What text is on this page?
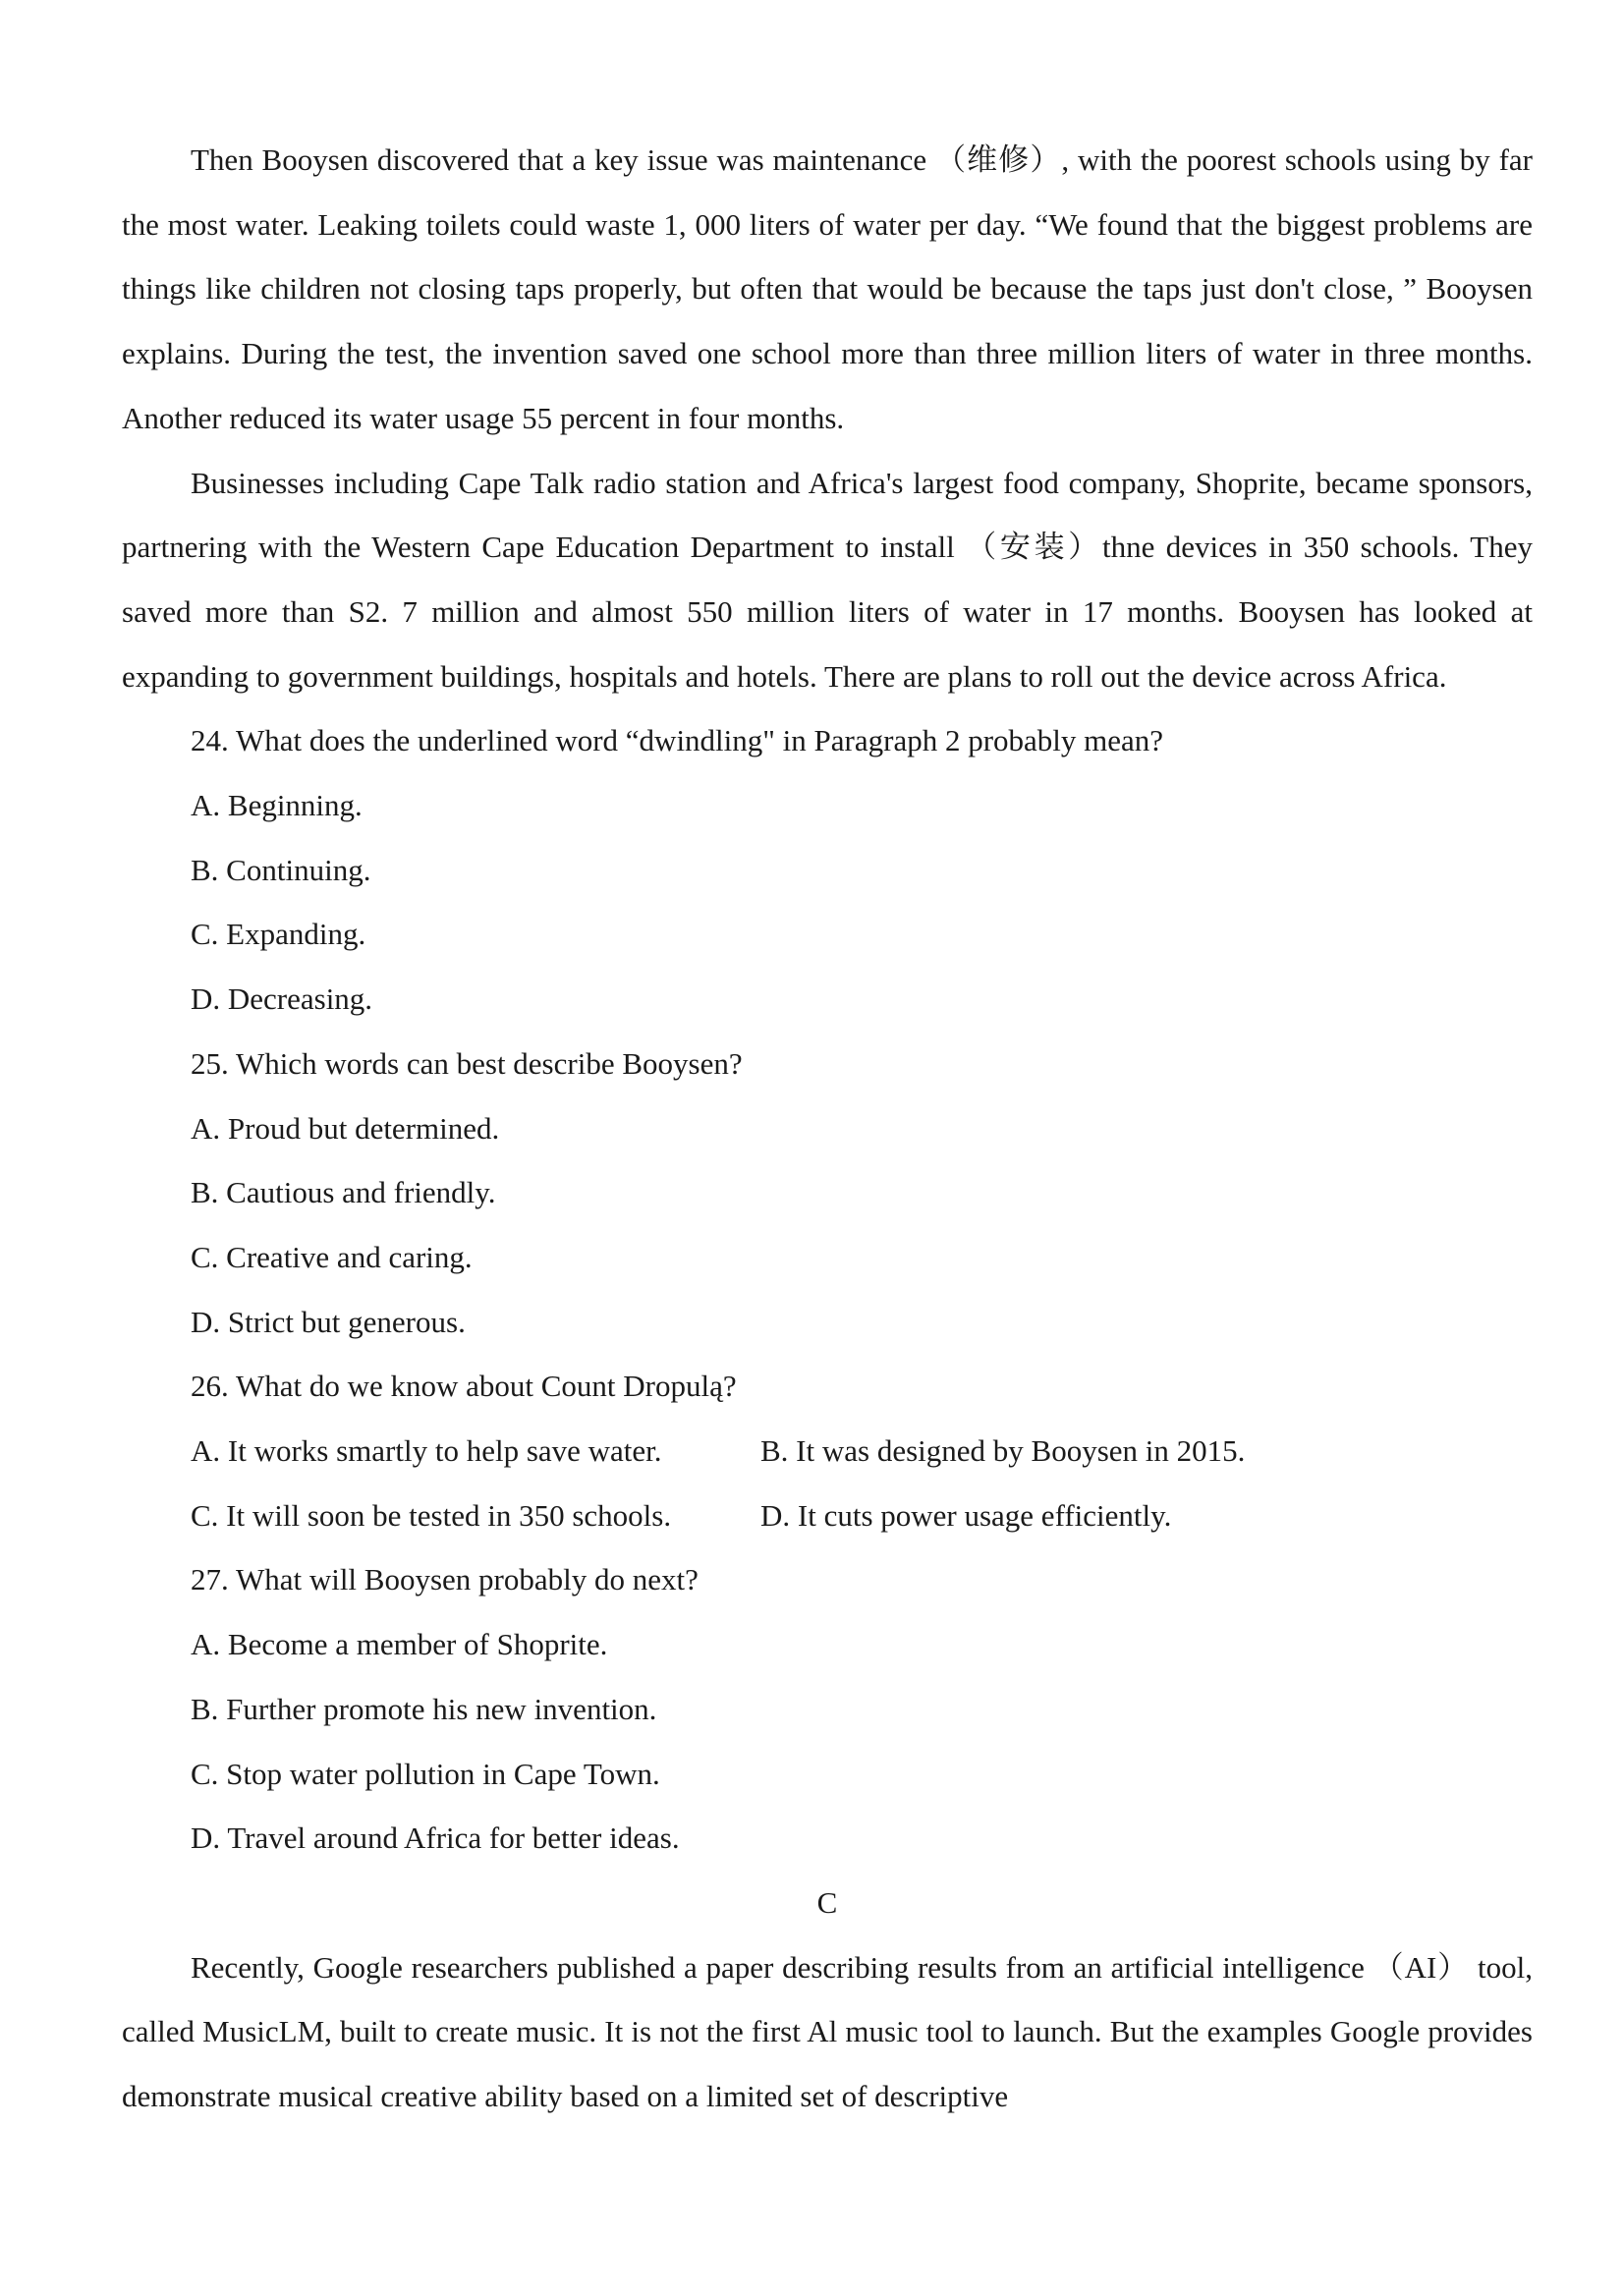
Then Booysen discovered that a key issue was maintenance （维修）, with the poorest schools using by far the most water. Leaking toilets could waste 1, 000 liters of water per day. “We found that the biggest problems are things like children not closing taps properly, but often that would be because the taps just don't close, ” Booysen explains. During the test, the invention saved one school more than three million liters of water in three months. Another reduced its water usage 55 percent in four months.

Businesses including Cape Talk radio station and Africa's largest food company, Shoprite, became sponsors, partnering with the Western Cape Education Department to install （安装）thne devices in 350 schools. They saved more than S2. 7 million and almost 550 million liters of water in 17 months. Booysen has looked at expanding to government buildings, hospitals and hotels. There are plans to roll out the device across Africa.

24. What does the underlined word “dwindling" in Paragraph 2 probably mean?

A. Beginning.

B. Continuing.

C. Expanding.

D. Decreasing.

25. Which words can best describe Booysen?

A. Proud but determined.

B. Cautious and friendly.

C. Creative and caring.

D. Strict but generous.

26. What do we know about Count Dropulą?

A. It works smartly to help save water.	B. It was designed by Booysen in 2015.
C. It will soon be tested in 350 schools.	D. It cuts power usage efficiently.

27. What will Booysen probably do next?

A. Become a member of Shoprite.

B. Further promote his new invention.

C. Stop water pollution in Cape Town.

D. Travel around Africa for better ideas.

C

Recently, Google researchers published a paper describing results from an artificial intelligence （AI） tool, called MusicLM, built to create music. It is not the first Al music tool to launch. But the examples Google provides demonstrate musical creative ability based on a limited set of descriptive
